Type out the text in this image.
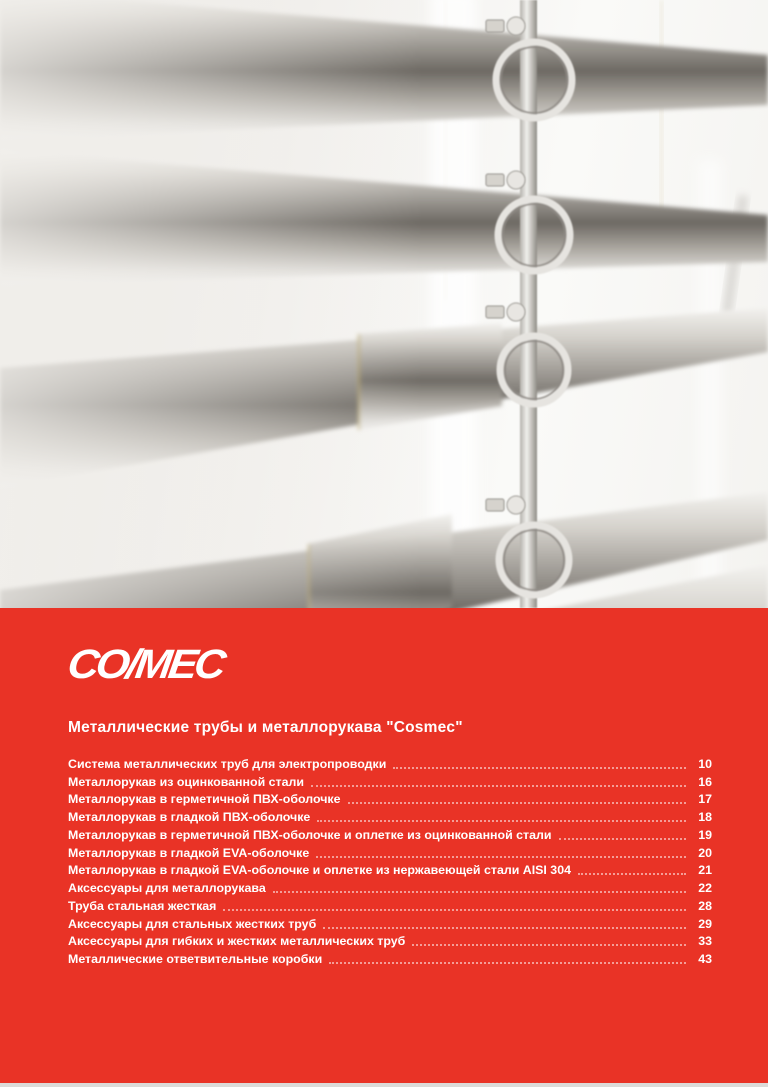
CO/MEC
Металлические трубы и металлорукава "Cosmec"
Система металлических труб для электропроводки	10
Металлорукав из оцинкованной стали	16
Металлорукав в герметичной ПВХ-оболочке	17
Металлорукав в гладкой ПВХ-оболочке	18
Металлорукав в герметичной ПВХ-оболочке и оплетке из оцинкованной стали	19
Металлорукав в гладкой EVA-оболочке	20
Металлорукав в гладкой EVA-оболочке и оплетке из нержавеющей стали AISI 304	21
Аксессуары для металлорукава	22
Труба стальная жесткая	28
Аксессуары для стальных жестких труб	29
Аксессуары для гибких и жестких металлических труб	33
Металлические ответвительные коробки	43
